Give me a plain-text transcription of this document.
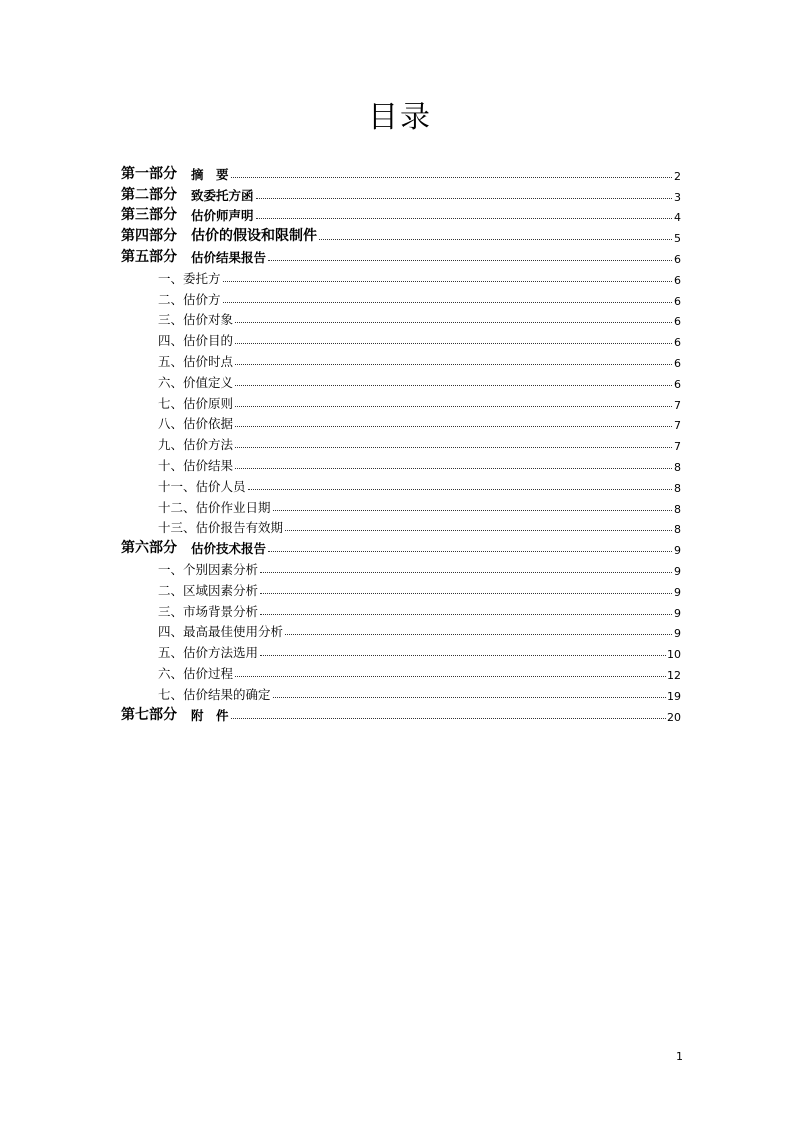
目录
第一部分 摘　要	2
第二部分 致委托方函	3
第三部分 估价师声明	4
第四部分 估价的假设和限制件	5
第五部分 估价结果报告	6
一、委托方	6
二、估价方	6
三、估价对象	6
四、估价目的	6
五、估价时点	6
六、价值定义	6
七、估价原则	7
八、估价依据	7
九、估价方法	7
十、估价结果	8
十一、估价人员	8
十二、估价作业日期	8
十三、估价报告有效期	8
第六部分 估价技术报告	9
一、个别因素分析	9
二、区域因素分析	9
三、市场背景分析	9
四、最高最佳使用分析	9
五、估价方法选用	10
六、估价过程	12
七、估价结果的确定	19
第七部分 附　件	20
1
